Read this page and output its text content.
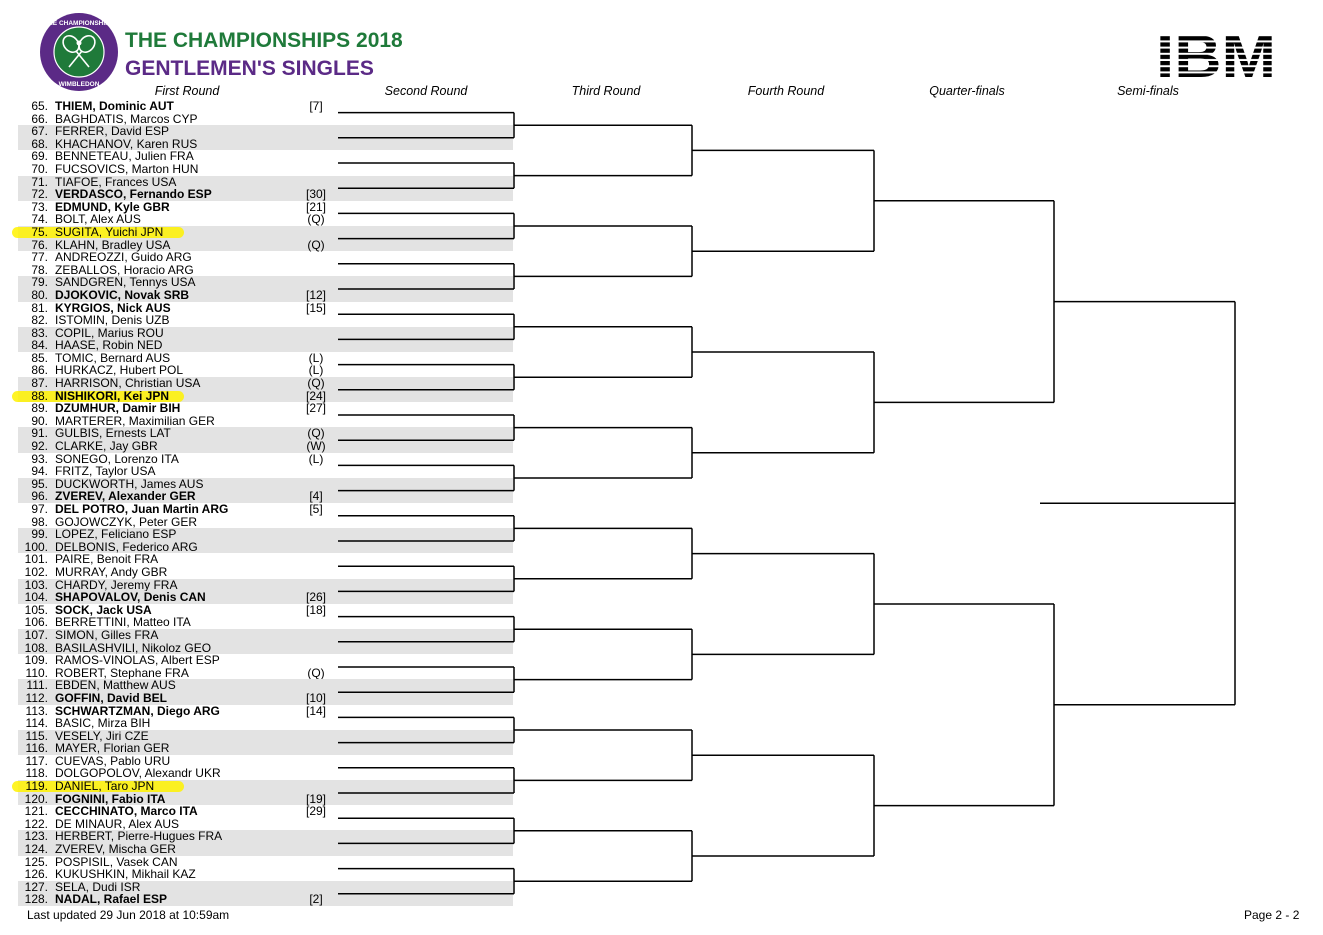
THE CHAMPIONSHIPS
WIMBLEDON
THE CHAMPIONSHIPS 2018
GENTLEMEN'S SINGLES
First Round	Second Round	Third Round	Fourth Round	Quarter-finals	Semi-finals
65. THIEM, Dominic AUT	[7]
66. BAGHDATIS, Marcos CYP
67. FERRER, David ESP
68. KHACHANOV, Karen RUS
69. BENNETEAU, Julien FRA
70. FUCSOVICS, Marton HUN
71. TIAFOE, Frances USA
72. VERDASCO, Fernando ESP	[30]
73. EDMUND, Kyle GBR	[21]
74. BOLT, Alex AUS	(Q)
75. SUGITA, Yuichi JPN
76. KLAHN, Bradley USA	(Q)
77. ANDREOZZI, Guido ARG
78. ZEBALLOS, Horacio ARG
79. SANDGREN, Tennys USA
80. DJOKOVIC, Novak SRB	[12]
81. KYRGIOS, Nick AUS	[15]
82. ISTOMIN, Denis UZB
83. COPIL, Marius ROU
84. HAASE, Robin NED
85. TOMIC, Bernard AUS	(L)
86. HURKACZ, Hubert POL	(L)
87. HARRISON, Christian USA	(Q)
88. NISHIKORI, Kei JPN	[24]
89. DZUMHUR, Damir BIH	[27]
90. MARTERER, Maximilian GER
91. GULBIS, Ernests LAT	(Q)
92. CLARKE, Jay GBR	(W)
93. SONEGO, Lorenzo ITA	(L)
94. FRITZ, Taylor USA
95. DUCKWORTH, James AUS
96. ZVEREV, Alexander GER	[4]
97. DEL POTRO, Juan Martin ARG	[5]
98. GOJOWCZYK, Peter GER
99. LOPEZ, Feliciano ESP
100. DELBONIS, Federico ARG
101. PAIRE, Benoit FRA
102. MURRAY, Andy GBR
103. CHARDY, Jeremy FRA
104. SHAPOVALOV, Denis CAN	[26]
105. SOCK, Jack USA	[18]
106. BERRETTINI, Matteo ITA
107. SIMON, Gilles FRA
108. BASILASHVILI, Nikoloz GEO
109. RAMOS-VINOLAS, Albert ESP
110. ROBERT, Stephane FRA	(Q)
111. EBDEN, Matthew AUS
112. GOFFIN, David BEL	[10]
113. SCHWARTZMAN, Diego ARG	[14]
114. BASIC, Mirza BIH
115. VESELY, Jiri CZE
116. MAYER, Florian GER
117. CUEVAS, Pablo URU
118. DOLGOPOLOV, Alexandr UKR
119. DANIEL, Taro JPN
120. FOGNINI, Fabio ITA	[19]
121. CECCHINATO, Marco ITA	[29]
122. DE MINAUR, Alex AUS
123. HERBERT, Pierre-Hugues FRA
124. ZVEREV, Mischa GER
125. POSPISIL, Vasek CAN
126. KUKUSHKIN, Mikhail KAZ
127. SELA, Dudi ISR
128. NADAL, Rafael ESP	[2]
Last updated 29 Jun 2018 at 10:59am	Page 2 - 2
